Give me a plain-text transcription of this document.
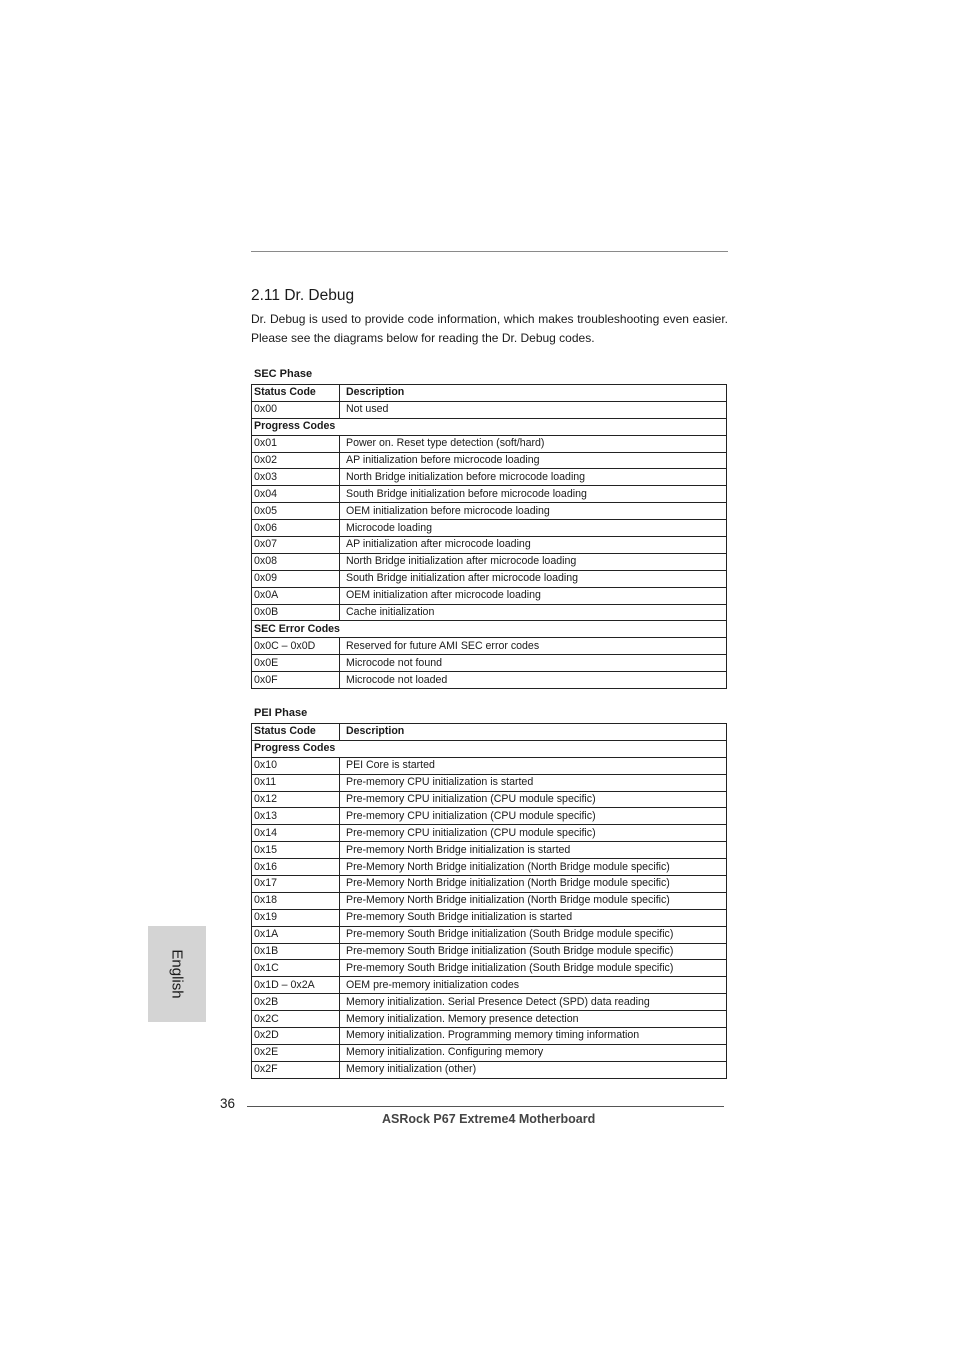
2.11 Dr. Debug
Dr. Debug is used to provide code information, which makes troubleshooting even easier. Please see the diagrams below for reading the Dr. Debug codes.
SEC Phase
Status Code	Description
0x00	Not used
Progress Codes	
0x01	Power on. Reset type detection (soft/hard)
0x02	AP initialization before microcode loading
0x03	North Bridge initialization before microcode loading
0x04	South Bridge initialization before microcode loading
0x05	OEM initialization before microcode loading
0x06	Microcode loading
0x07	AP initialization after microcode loading
0x08	North Bridge initialization after microcode loading
0x09	South Bridge initialization after microcode loading
0x0A	OEM initialization after microcode loading
0x0B	Cache initialization
SEC Error Codes	
0x0C – 0x0D	Reserved for future AMI SEC error codes
0x0E	Microcode not found
0x0F	Microcode not loaded
PEI Phase
Status Code	Description
Progress Codes	
0x10	PEI Core is started
0x11	Pre-memory CPU initialization is started
0x12	Pre-memory CPU initialization (CPU module specific)
0x13	Pre-memory CPU initialization (CPU module specific)
0x14	Pre-memory CPU initialization (CPU module specific)
0x15	Pre-memory North Bridge initialization is started
0x16	Pre-Memory North Bridge initialization (North Bridge module specific)
0x17	Pre-Memory North Bridge initialization (North Bridge module specific)
0x18	Pre-Memory North Bridge initialization (North Bridge module specific)
0x19	Pre-memory South Bridge initialization is started
0x1A	Pre-memory South Bridge initialization (South Bridge module specific)
0x1B	Pre-memory South Bridge initialization (South Bridge module specific)
0x1C	Pre-memory South Bridge initialization (South Bridge module specific)
0x1D – 0x2A	OEM pre-memory initialization codes
0x2B	Memory initialization. Serial Presence Detect (SPD) data reading
0x2C	Memory initialization. Memory presence detection
0x2D	Memory initialization. Programming memory timing information
0x2E	Memory initialization. Configuring memory
0x2F	Memory initialization (other)
English
36
ASRock P67 Extreme4 Motherboard
